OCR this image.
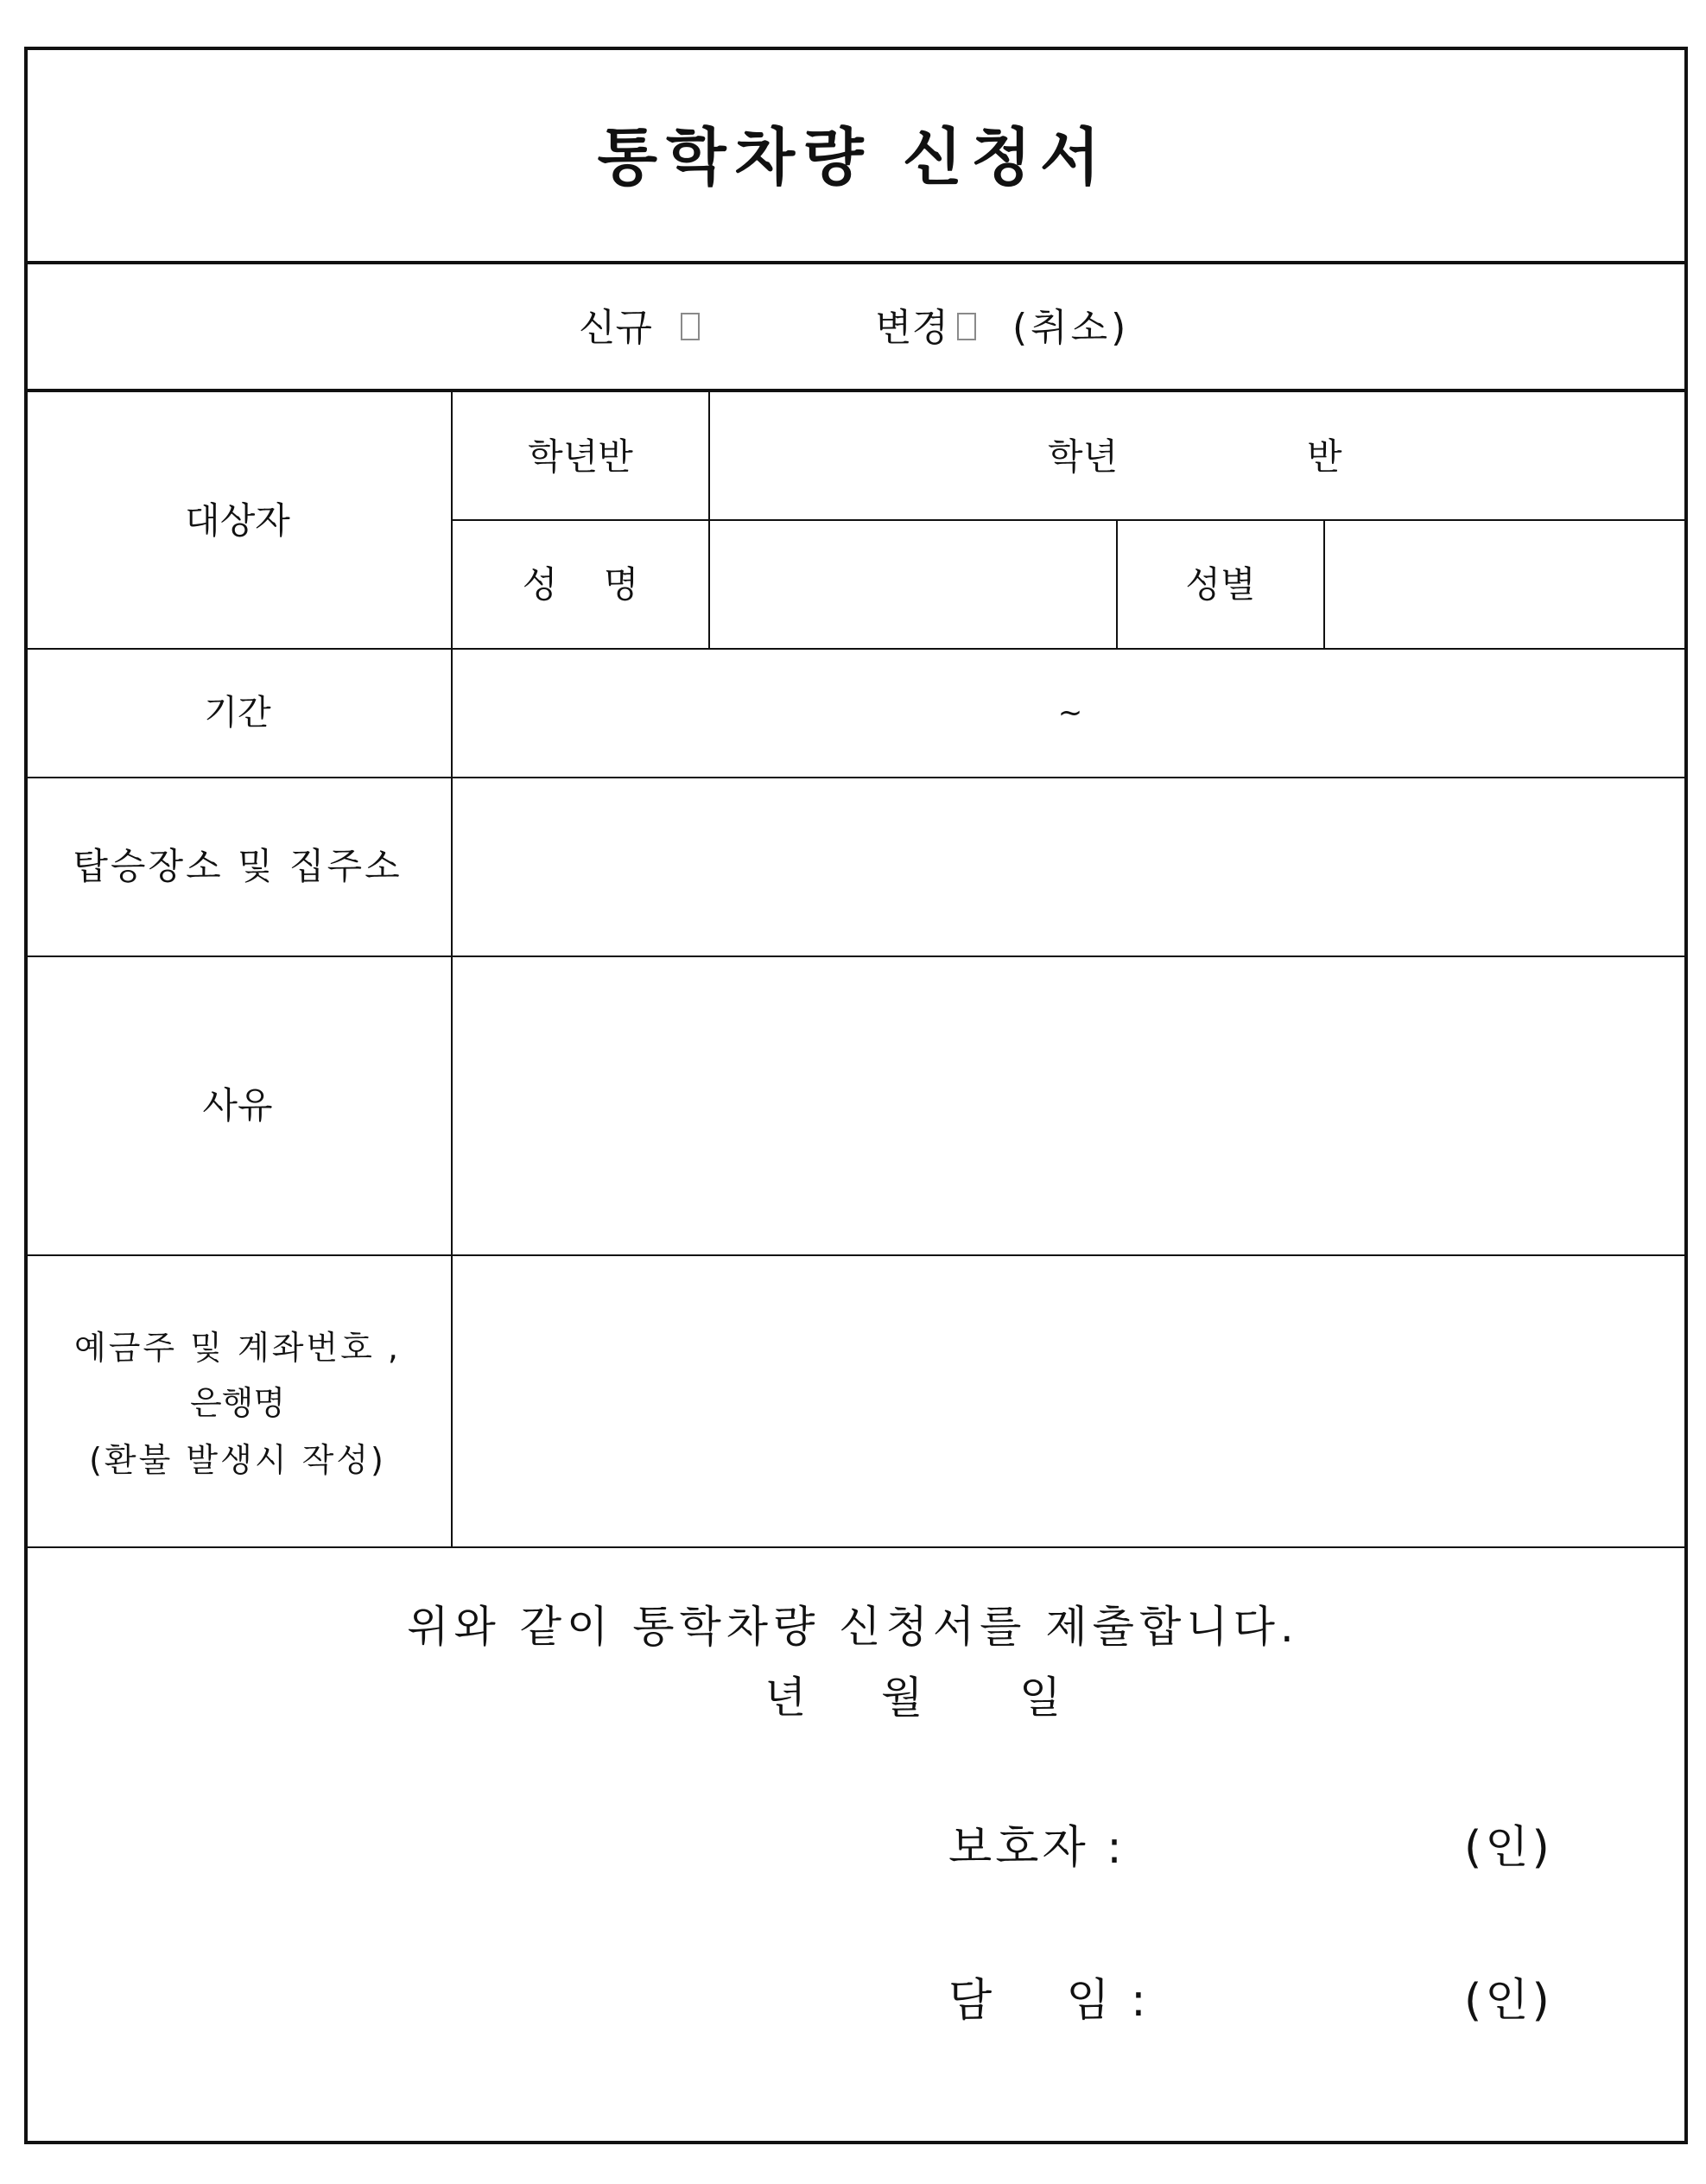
통학차량 신청서
신규	변경 (취소)
대상자
학년반	학년	반
성    명	성별
기간	~
탑승장소 및 집주소
사유
예금주 및 계좌번호 ,
은행명
(환불 발생시 작성)
위와 같이 통학차량 신청서를 제출합니다.
년 월 일
보호자 :	(인)
담    임 :	(인)
